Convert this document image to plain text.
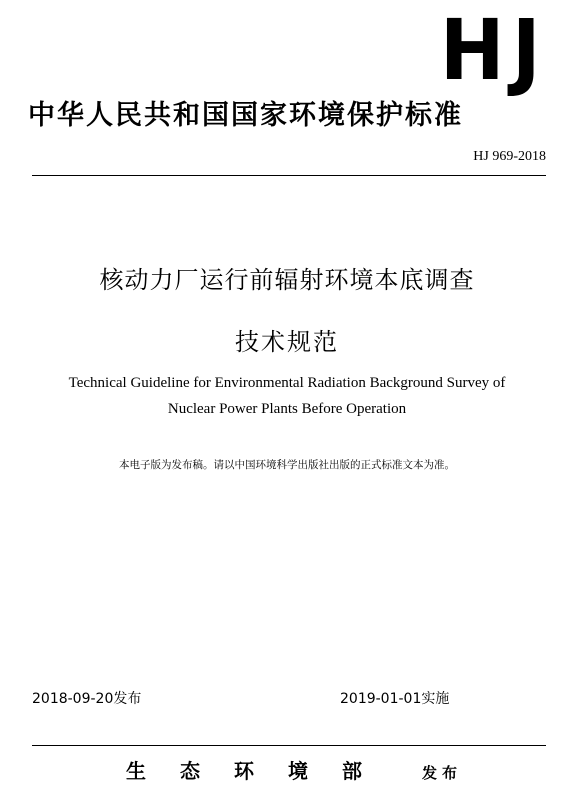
HJ
中华人民共和国国家环境保护标准
HJ 969-2018
核动力厂运行前辐射环境本底调查
技术规范
Technical Guideline for Environmental Radiation Background Survey of
Nuclear Power Plants Before Operation
本电子版为发布稿。请以中国环境科学出版社出版的正式标准文本为准。
2018-09-20发布	2019-01-01实施
生态环境部 发布
